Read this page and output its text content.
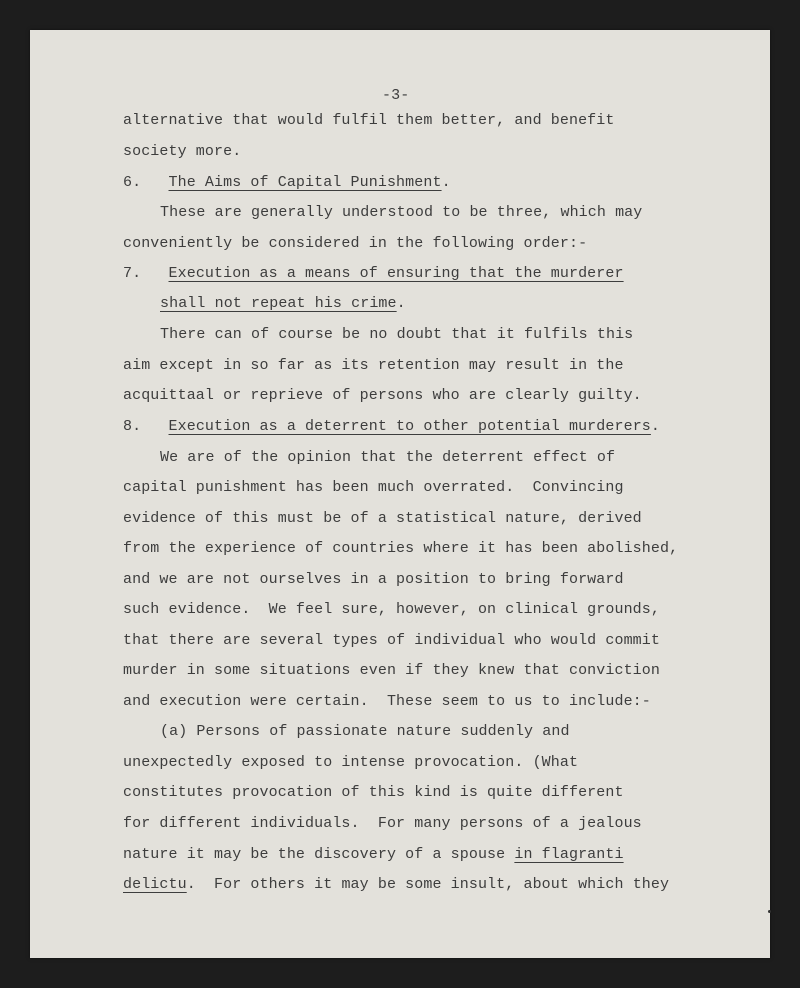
-3-
alternative that would fulfil them better, and benefit
society more.
6.   The Aims of Capital Punishment.
These are generally understood to be three, which may
conveniently be considered in the following order:-
7.   Execution as a means of ensuring that the murderer
shall not repeat his crime.
There can of course be no doubt that it fulfils this
aim except in so far as its retention may result in the
acquittaal or reprieve of persons who are clearly guilty.
8.   Execution as a deterrent to other potential murderers.
We are of the opinion that the deterrent effect of
capital punishment has been much overrated.  Convincing
evidence of this must be of a statistical nature, derived
from the experience of countries where it has been abolished,
and we are not ourselves in a position to bring forward
such evidence.  We feel sure, however, on clinical grounds,
that there are several types of individual who would commit
murder in some situations even if they knew that conviction
and execution were certain.  These seem to us to include:-
(a) Persons of passionate nature suddenly and
unexpectedly exposed to intense provocation. (What
constitutes provocation of this kind is quite different
for different individuals.  For many persons of a jealous
nature it may be the discovery of a spouse in flagranti
delictu.  For others it may be some insult, about which they
